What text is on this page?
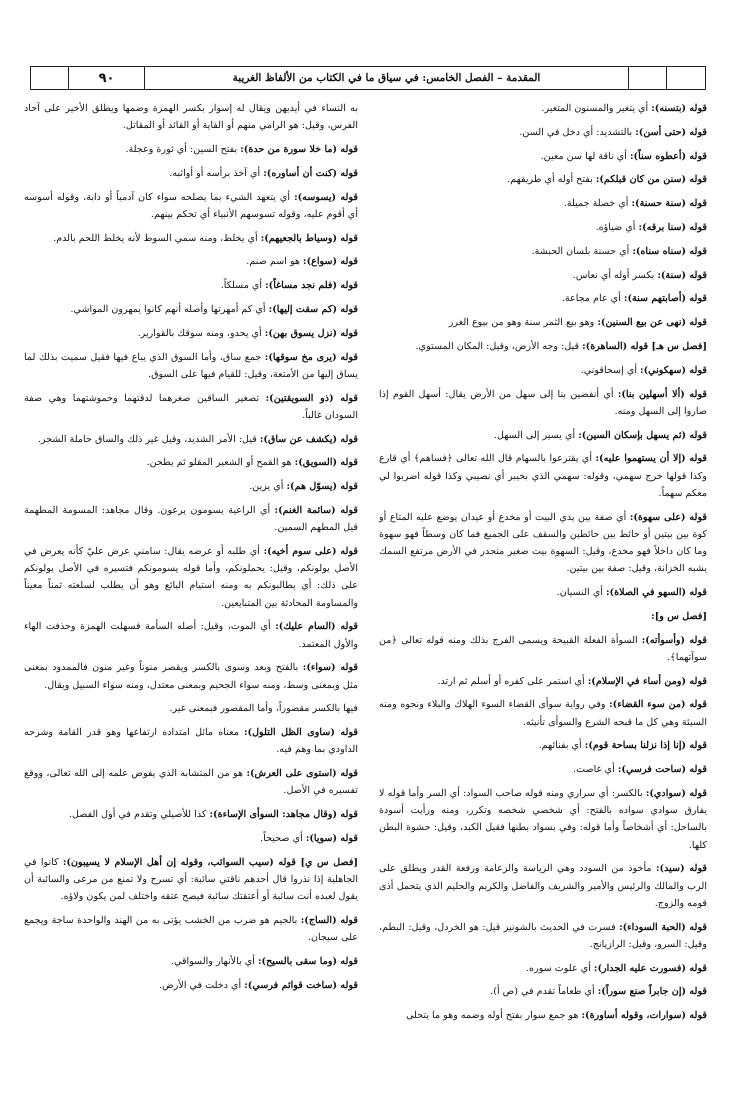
٩٠	المقدمة – الفصل الخامس: في سياق ما في الكتاب من الألفاظ الغريبة

قوله (بتسنه): أي يتغير والمسنون المتغير.

قوله (حتى أسن): بالتشديد: أي دخل في السن.

قوله (أعطوه سناً): أي ناقة لها سن معين.

قوله (سنن من كان قبلكم): بفتح أوله أي طريقهم.

قوله (سنة حسنة): أي خصلة جميلة.

قوله (سنا برقه): أي ضياؤه.

قوله (سناه سناه): أي حسنة بلسان الحبشة.

قوله (سنة): بكسر أوله أي نعاس.

قوله (أصابتهم سنة): أي عام مجاعة.

قوله (نهى عن بيع السنين): وهو بيع الثمر سنة وهو من بيوع الغرر

[فصل س هـ] قوله (الساهرة): قيل: وجه الأرض، وقيل: المكان المستوي.

قوله (سهكوني): أي إسحاقوني.

قوله (ألا أسهلين بنا): أي أنفضين بنا إلى سهل من الأرض يقال: أسهل القوم إذا صاروا إلى السهل ومنه.

قوله (ثم يسهل بإسكان السين): أي يسير إلى السهل.

قوله (إلا أن يستهموا عليه): أي يقترعوا بالسهام قال الله تعالى ﴿فساهم﴾ أي قارع وكذا قولها خرج سهمي، وقوله: سهمي الذي بخيبر أي نصيبي وكذا قوله اضربوا لي معكم سهماً.

قوله (على سهوة): أي صفة بين يدي البيت أو مخدع أو عيدان يوضع عليه المتاع أو كوة بين بيتين أو حائط بين حائطين والسقف على الجميع فما كان وسطاً فهو سهوة وما كان داخلاً فهو مخدع، وقيل: السهوة بيت صغير منحدر في الأرض مرتفع السمك يشبه الخزانة، وقيل: صفة بين بيتين.

قوله (السهو في الصلاة): أي النسيان.

[فصل س و]:

قوله (وأسوأته): السوأة الفعلة القبيحة ويسمى الفرج بذلك ومنه قوله تعالى ﴿من سوآتهما﴾.

قوله (ومن أساء في الإسلام): أي استمر على كفره أو أسلم ثم ارتد.

قوله (من سوء القضاء): وفي رواية سوأى القضاء السوء الهلاك والبلاء ونحوه ومنه السيئة وهي كل ما قبحه الشرع والسوأى تأنيثه.

قوله (إنا إذا نزلنا بساحة قوم): أي بفنائهم.

قوله (ساحت فرسي): أي غاصت.

قوله (سوادي): بالكسر: أي سراري ومنه قوله صاحب السواد: أي السر وأما قوله لا يفارق سوادي سواده بالفتح: أي شخصي شخصه وتكرر، ومنه ورأيت أسودة بالساحل: أي أشخاصاً وأما قوله: وفي بسواد بطنها فقيل الكبد، وقيل: حشوة البطن كلها.

قوله (سيد): مأخوذ من السودد وهي الرياسة والزعامة ورفعة القدر ويطلق على الرب والمالك والرئيس والأمير والشريف والفاضل والكريم والحليم الذي يتحمل أذى قومه والزوج.

قوله (الحبة السوداء): فسرت في الحديث بالشونيز قيل: هو الخردل، وقيل: البطم، وقيل: السرو، وقيل: الرازيانج.

قوله (فسورت عليه الجدار): أي علوت سوره.

قوله (إن جابراً صنع سوراً): أي طعاماً تقدم في (ص أ).

قوله (سوارات، وقوله أساورة): هو جمع سوار بفتح أوله وضمه وهو ما يتحلى

به النساء في أيديهن ويقال له إسوار بكسر الهمزة وضمها ويطلق الأخير على آحاد الفرس، وقيل: هو الرامي منهم أو الفاية أو القائد أو المقاتل.

قوله (ما خلا سورة من حدة): بفتح السين: أي ثورة وعجلة.

قوله (كنت أن أساوره): أي آخذ برأسه أو أواثبه.

قوله (يسوسه): أي يتعهد الشيء بما يصلحه سواء كان آدمياً أو دابة، وقوله أسوسه أي أقوم عليه، وقوله تسوسهم الأنبياء أي تحكم بينهم.

قوله (وسياط بالجعيهم): أي يخلط، ومنه سمي السوط لأنه يخلط اللحم بالدم.

قوله (سواع): هو اسم صنم.

قوله (فلم نجد مساغاً): أي مسلكاً.

قوله (كم سقت إليها): أي كم أمهرتها وأصله أنهم كانوا يمهرون المواشي.

قوله (نزل يسوق بهن): أي يحدو، ومنه سوقك بالقوارير.

قوله (يرى مخ سوقها): جمع ساق، وأما السوق الذي يباع فيها فقيل سميت بذلك لما يساق إليها من الأمتعة، وقيل: للقيام فيها على السوق.

قوله (ذو السويقتين): تصغير الساقين صغرهما لدقتهما وحموشتهما وهي صفة السودان غالباً.

قوله (يكشف عن ساق): قيل: الأمر الشديد، وقيل غير ذلك والساق حاملة الشجر.

قوله (السويق): هو القمح أو الشعير المقلو ثم يطحن.

قوله (يسوّل هم): أي يزين.

قوله (سائمة الغنم): أي الراعية يسومون يرعون. وقال مجاهد: المسومة المطهمة قيل المطهم السمين.

قوله (على سوم أخيه): أي طلبه أو عرضه يقال: سامني عرض عليّ كأنه يعرض في الأصل يولونكم، وقيل: يحملونكم، وأما قوله يسومونكم فتسيره في الأصل يولونكم على ذلك: أي يطالبونكم به ومنه استيام البائع وهو أن يطلب لسلعته ثمناً معيناً والمساومة المحادثة بين المتبايعين.

قوله (السام عليك): أي الموت، وقيل: أصله السأمة فسهلت الهمزة وحذفت الهاء والأول المعتمد.

قوله (سواء): بالفتح وبعد وسوى بالكسر ويقصر منوناً وغير منون فالممدود بمعنى مثل وبمعنى وسط، ومنه سواء الجحيم وبمعنى معتدل، ومنه سواء السبيل ويقال.

فيها بالكسر مقصوراً، وأما المقصور فبمعنى غير.

قوله (ساوى الظل التلول): معناه مائل امتداده ارتفاعها وهو قدر القامة وشرحه الداودي بما وهم فيه.

قوله (استوى على العرش): هو من المتشابه الذي يفوض علمه إلى الله تعالى، ووقع تفسيره في الأصل.

قوله (وقال مجاهد: السوأى الإساءة): كذا للأصيلي وتقدم في أول الفصل.

قوله (سويا): أي صحيحاً.

[فصل س ي] قوله (سيب السوائب، وقوله إن أهل الإسلام لا يسيبون): كانوا في الجاهلية إذا نذروا قال أحدهم ناقتي سائبة: أي تسرح ولا تمنع من مرعى والسائبة أن يقول لعبده أنت سائبة أو أعتقتك سائبة فيصح عتقه واختلف لمن يكون ولاؤه.

قوله (الساج): بالجيم هو ضرب من الخشب يؤتى به من الهند والواحدة ساجة ويجمع على سيجان.

قوله (وما سقى بالسيح): أي بالأنهار والسواقي.

قوله (ساخت قوائم فرسي): أي دخلت في الأرض.
